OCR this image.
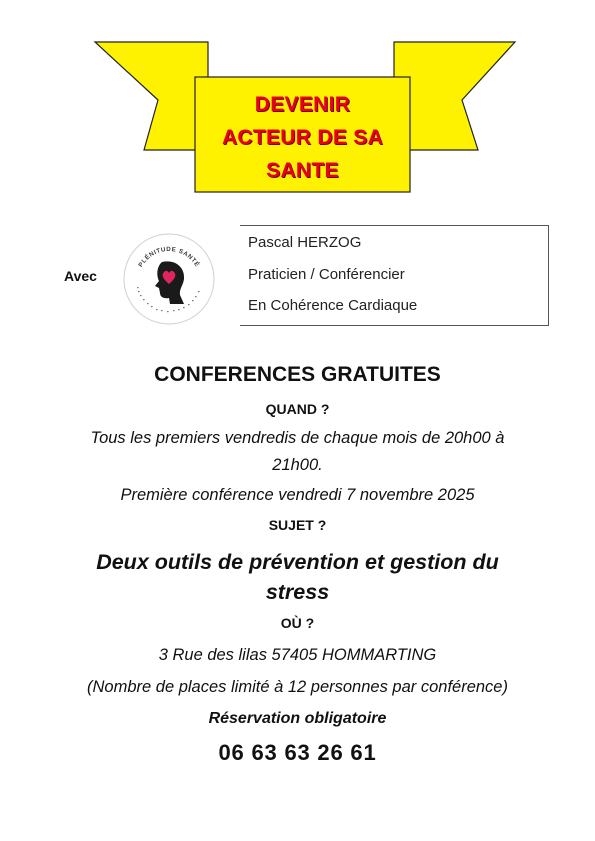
DEVENIR
ACTEUR DE SA
SANTE
Avec
PLÉNITUDE SANTÉ
Pascal HERZOG
Praticien / Conférencier
En Cohérence Cardiaque
CONFERENCES GRATUITES
QUAND ?
Tous les premiers vendredis de chaque mois de 20h00 à
21h00.
Première conférence vendredi 7 novembre 2025
SUJET ?
Deux outils de prévention et gestion du
stress
OÙ ?
3 Rue des lilas 57405 HOMMARTING
(Nombre de places limité à 12 personnes par conférence)
Réservation obligatoire
06 63 63 26 61
